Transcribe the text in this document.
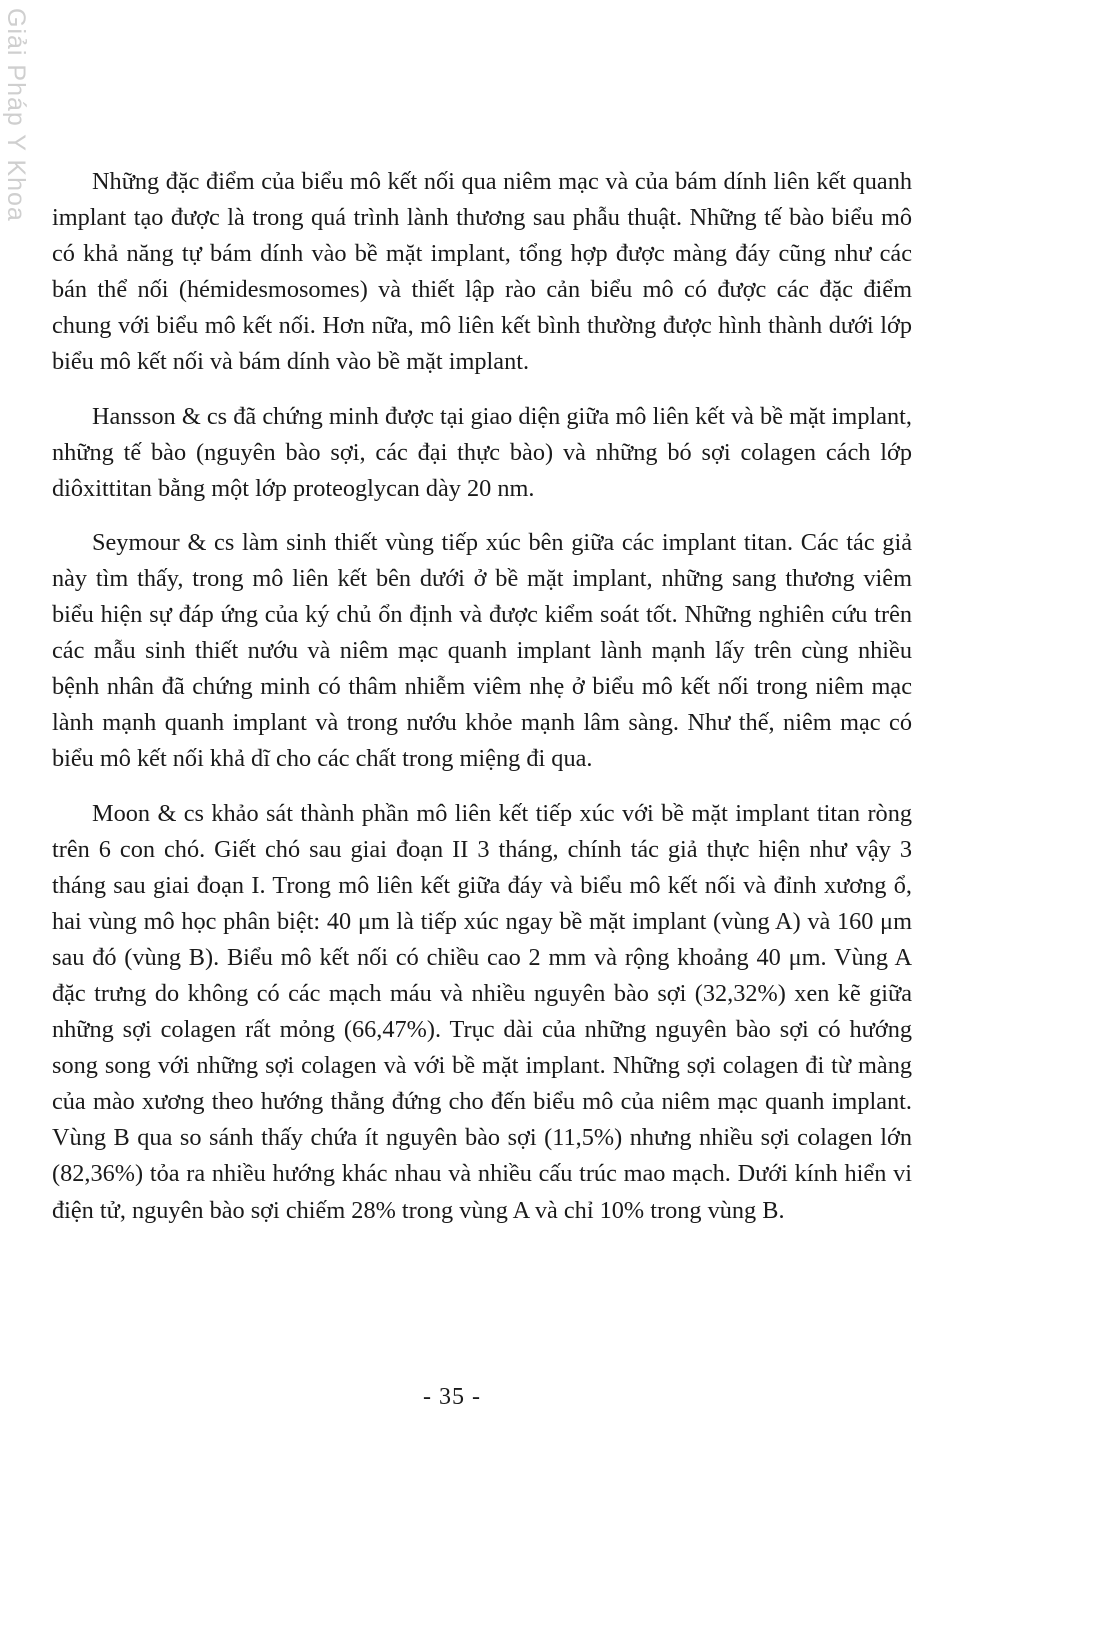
Giải Pháp Y Khoa	Những đặc điểm của biểu mô kết nối qua niêm mạc và của bám dính liên kết quanh implant tạo được là trong quá trình lành thương sau phẫu thuật. Những tế bào biểu mô có khả năng tự bám dính vào bề mặt implant, tổng hợp được màng đáy cũng như các bán thể nối (hémidesmosomes) và thiết lập rào cản biểu mô có được các đặc điểm chung với biểu mô kết nối. Hơn nữa, mô liên kết bình thường được hình thành dưới lớp biểu mô kết nối và bám dính vào bề mặt implant.

Hansson & cs đã chứng minh được tại giao diện giữa mô liên kết và bề mặt implant, những tế bào (nguyên bào sợi, các đại thực bào) và những bó sợi colagen cách lớp diôxittitan bằng một lớp proteoglycan dày 20 nm.

Seymour & cs làm sinh thiết vùng tiếp xúc bên giữa các implant titan. Các tác giả này tìm thấy, trong mô liên kết bên dưới ở bề mặt implant, những sang thương viêm biểu hiện sự đáp ứng của ký chủ ổn định và được kiểm soát tốt. Những nghiên cứu trên các mẫu sinh thiết nướu và niêm mạc quanh implant lành mạnh lấy trên cùng nhiều bệnh nhân đã chứng minh có thâm nhiễm viêm nhẹ ở biểu mô kết nối trong niêm mạc lành mạnh quanh implant và trong nướu khỏe mạnh lâm sàng. Như thế, niêm mạc có biểu mô kết nối khả dĩ cho các chất trong miệng đi qua.

Moon & cs khảo sát thành phần mô liên kết tiếp xúc với bề mặt implant titan ròng trên 6 con chó. Giết chó sau giai đoạn II 3 tháng, chính tác giả thực hiện như vậy 3 tháng sau giai đoạn I. Trong mô liên kết giữa đáy và biểu mô kết nối và đỉnh xương ổ, hai vùng mô học phân biệt: 40 μm là tiếp xúc ngay bề mặt implant (vùng A) và 160 μm sau đó (vùng B). Biểu mô kết nối có chiều cao 2 mm và rộng khoảng 40 μm. Vùng A đặc trưng do không có các mạch máu và nhiều nguyên bào sợi (32,32%) xen kẽ giữa những sợi colagen rất mỏng (66,47%). Trục dài của những nguyên bào sợi có hướng song song với những sợi colagen và với bề mặt implant. Những sợi colagen đi từ màng của mào xương theo hướng thẳng đứng cho đến biểu mô của niêm mạc quanh implant. Vùng B qua so sánh thấy chứa ít nguyên bào sợi (11,5%) nhưng nhiều sợi colagen lớn (82,36%) tỏa ra nhiều hướng khác nhau và nhiều cấu trúc mao mạch. Dưới kính hiển vi điện tử, nguyên bào sợi chiếm 28% trong vùng A và chỉ 10% trong vùng B.

- 35 -
